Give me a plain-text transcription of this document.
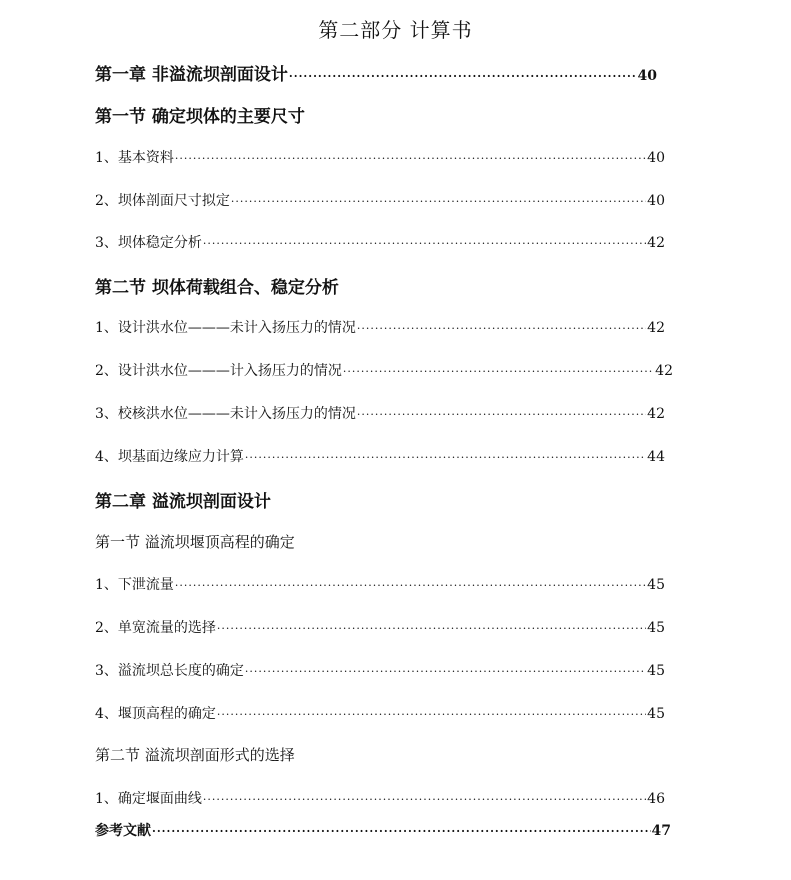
第二部分 计算书
第一章 非溢流坝剖面设计 ·····	40
第一节 确定坝体的主要尺寸
1、基本资料 ·····	40
2、坝体剖面尺寸拟定 ·····	40
3、坝体稳定分析 ·····	42
第二节 坝体荷载组合、稳定分析
1、设计洪水位———未计入扬压力的情况 ·····	42
2、设计洪水位———计入扬压力的情况 ·····	42
3、校核洪水位———未计入扬压力的情况 ·····	42
4、坝基面边缘应力计算 ·····	44
第二章 溢流坝剖面设计
第一节 溢流坝堰顶高程的确定
1、下泄流量 ·····	45
2、单宽流量的选择 ·····	45
3、溢流坝总长度的确定 ·····	45
4、堰顶高程的确定 ·····	45
第二节 溢流坝剖面形式的选择
1、确定堰面曲线 ·····	46
参考文献 ·····	47
